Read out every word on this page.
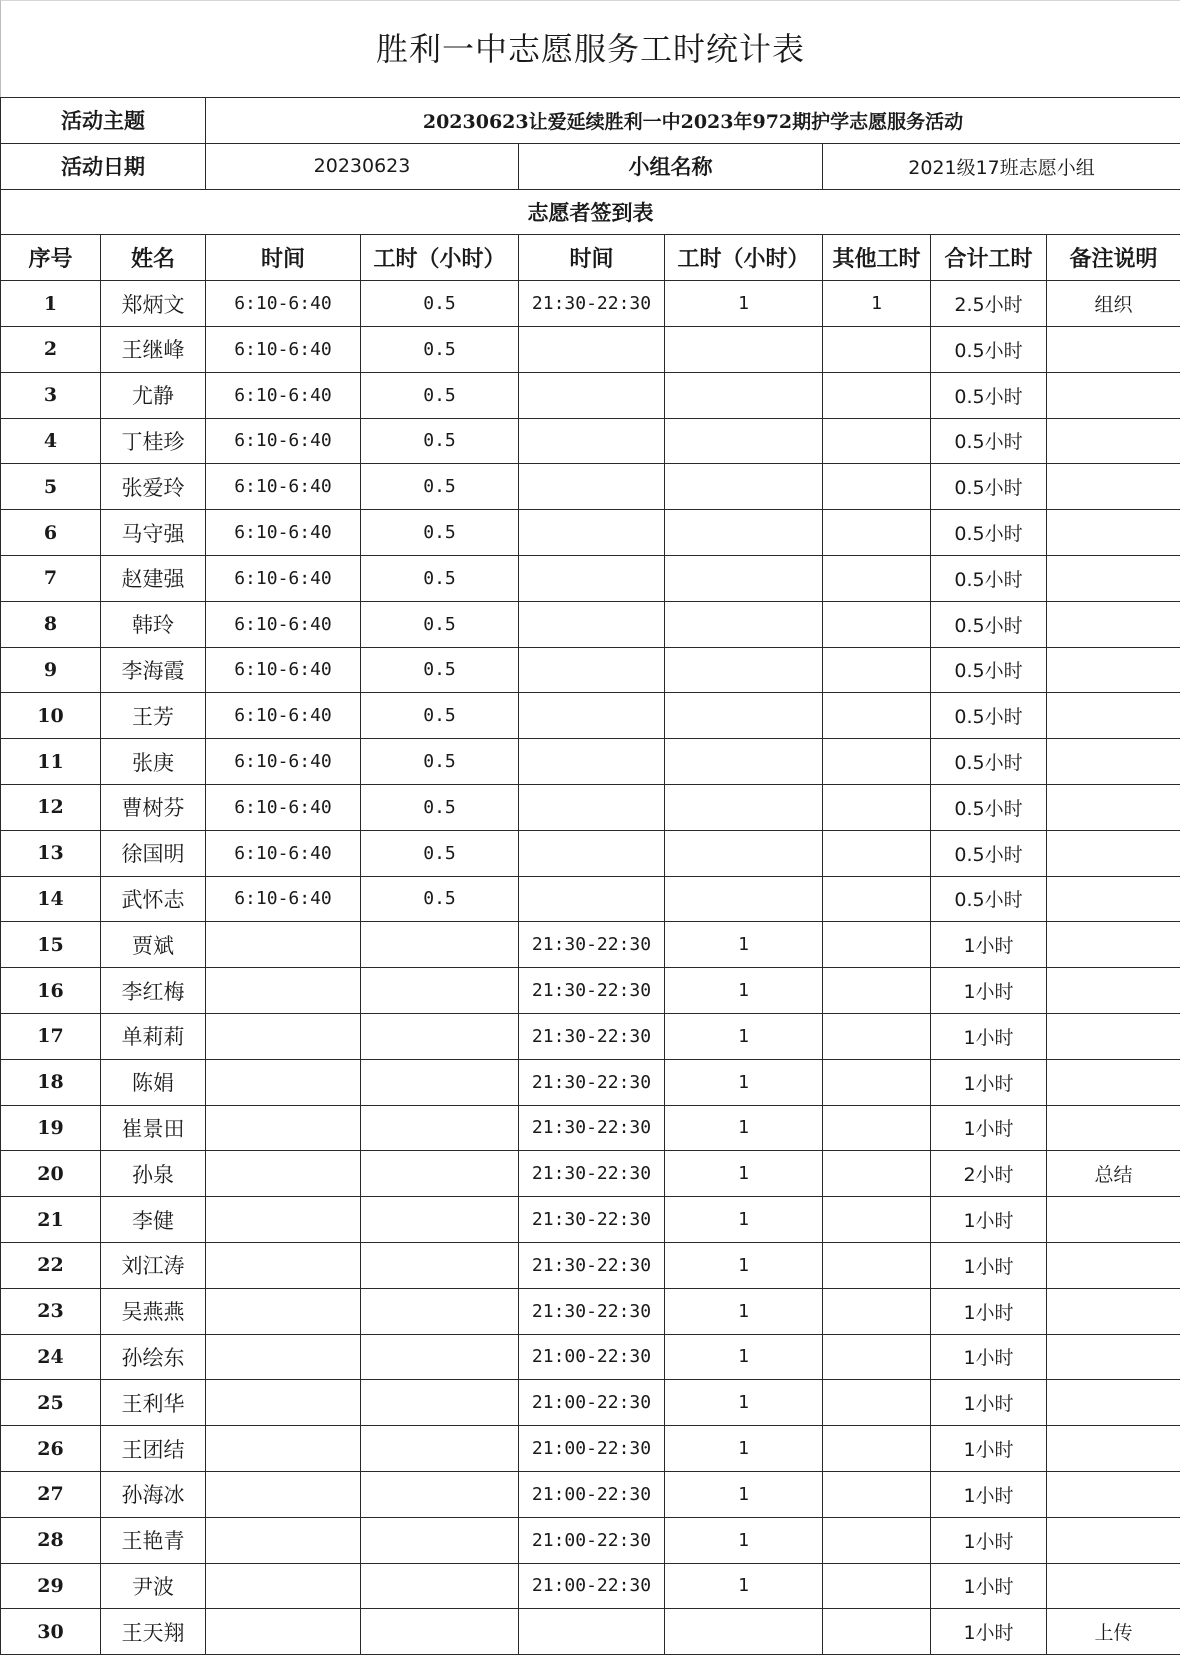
胜利一中志愿服务工时统计表
活动主题		20230623让爱延续胜利一中2023年972期护学志愿服务活动						
活动日期		20230623		小组名称		2021级17班志愿小组		
志愿者签到表								
序号	姓名	时间	工时（小时）	时间	工时（小时）	其他工时	合计工时	备注说明
1	郑炳文	6:10-6:40	0.5	21:30-22:30	1	1	2.5小时	组织
2	王继峰	6:10-6:40	0.5				0.5小时	
3	尤静	6:10-6:40	0.5				0.5小时	
4	丁桂珍	6:10-6:40	0.5				0.5小时	
5	张爱玲	6:10-6:40	0.5				0.5小时	
6	马守强	6:10-6:40	0.5				0.5小时	
7	赵建强	6:10-6:40	0.5				0.5小时	
8	韩玲	6:10-6:40	0.5				0.5小时	
9	李海霞	6:10-6:40	0.5				0.5小时	
10	王芳	6:10-6:40	0.5				0.5小时	
11	张庚	6:10-6:40	0.5				0.5小时	
12	曹树芬	6:10-6:40	0.5				0.5小时	
13	徐国明	6:10-6:40	0.5				0.5小时	
14	武怀志	6:10-6:40	0.5				0.5小时	
15	贾斌			21:30-22:30	1		1小时	
16	李红梅			21:30-22:30	1		1小时	
17	单莉莉			21:30-22:30	1		1小时	
18	陈娟			21:30-22:30	1		1小时	
19	崔景田			21:30-22:30	1		1小时	
20	孙泉			21:30-22:30	1		2小时	总结
21	李健			21:30-22:30	1		1小时	
22	刘江涛			21:30-22:30	1		1小时	
23	吴燕燕			21:30-22:30	1		1小时	
24	孙绘东			21:00-22:30	1		1小时	
25	王利华			21:00-22:30	1		1小时	
26	王团结			21:00-22:30	1		1小时	
27	孙海冰			21:00-22:30	1		1小时	
28	王艳青			21:00-22:30	1		1小时	
29	尹波			21:00-22:30	1		1小时	
30	王天翔						1小时	上传
